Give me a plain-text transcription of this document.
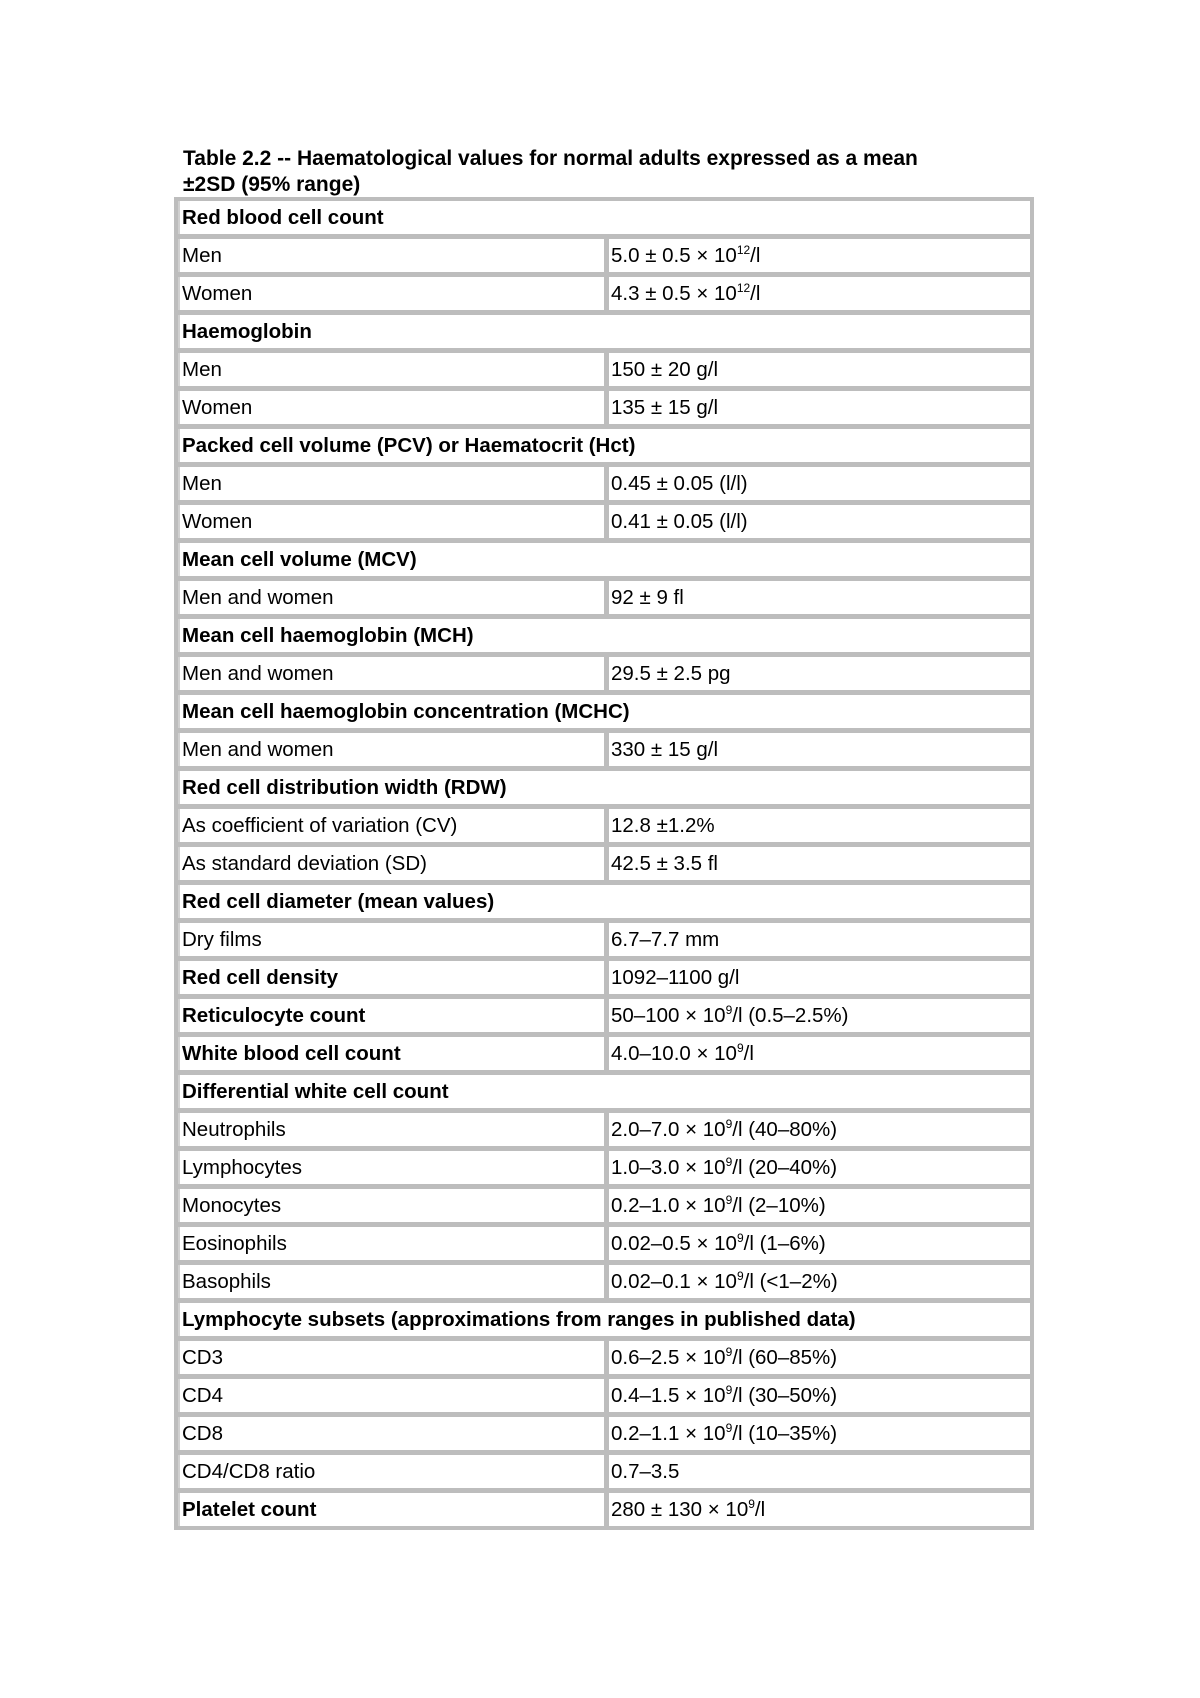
Table 2.2 -- Haematological values for normal adults expressed as a mean
±2SD (95% range)
Red blood cell count	
Men	$5.0 \pm 0.5 \times 10^{12}/l$
Women	$4.3 \pm 0.5 \times 10^{12}/l$
Haemoglobin	
Men	150 ± 20 g/l
Women	135 ± 15 g/l
Packed cell volume (PCV) or Haematocrit (Hct)	
Men	0.45 ± 0.05 (l/l)
Women	0.41 ± 0.05 (l/l)
Mean cell volume (MCV)	
Men and women	92 ± 9 fl
Mean cell haemoglobin (MCH)	
Men and women	29.5 ± 2.5 pg
Mean cell haemoglobin concentration (MCHC)	
Men and women	330 ± 15 g/l
Red cell distribution width (RDW)	
As coefficient of variation (CV)	12.8 ±1.2%
As standard deviation (SD)	42.5 ± 3.5 fl
Red cell diameter (mean values)	
Dry films	6.7–7.7 mm
Red cell density	1092–1100 g/l
Reticulocyte count	$50-100 \times 10^9/l$ (0.5–2.5%)
White blood cell count	$4.0-10.0 \times 10^9/l$
Differential white cell count	
Neutrophils	$2.0-7.0 \times 10^9/l$ (40–80%)
Lymphocytes	$1.0-3.0 \times 10^9/l$ (20–40%)
Monocytes	$0.2-1.0 \times 10^9/l$ (2–10%)
Eosinophils	$0.02-0.5 \times 10^9/l$ (1–6%)
Basophils	$0.02-0.1 \times 10^9/l$ (<1–2%)
Lymphocyte subsets (approximations from ranges in published data)	
CD3	$0.6-2.5 \times 10^9/l$ (60–85%)
CD4	$0.4-1.5 \times 10^9/l$ (30–50%)
CD8	$0.2-1.1 \times 10^9/l$ (10–35%)
CD4/CD8 ratio	0.7–3.5
Platelet count	$280 \pm 130 \times 10^9/l$
